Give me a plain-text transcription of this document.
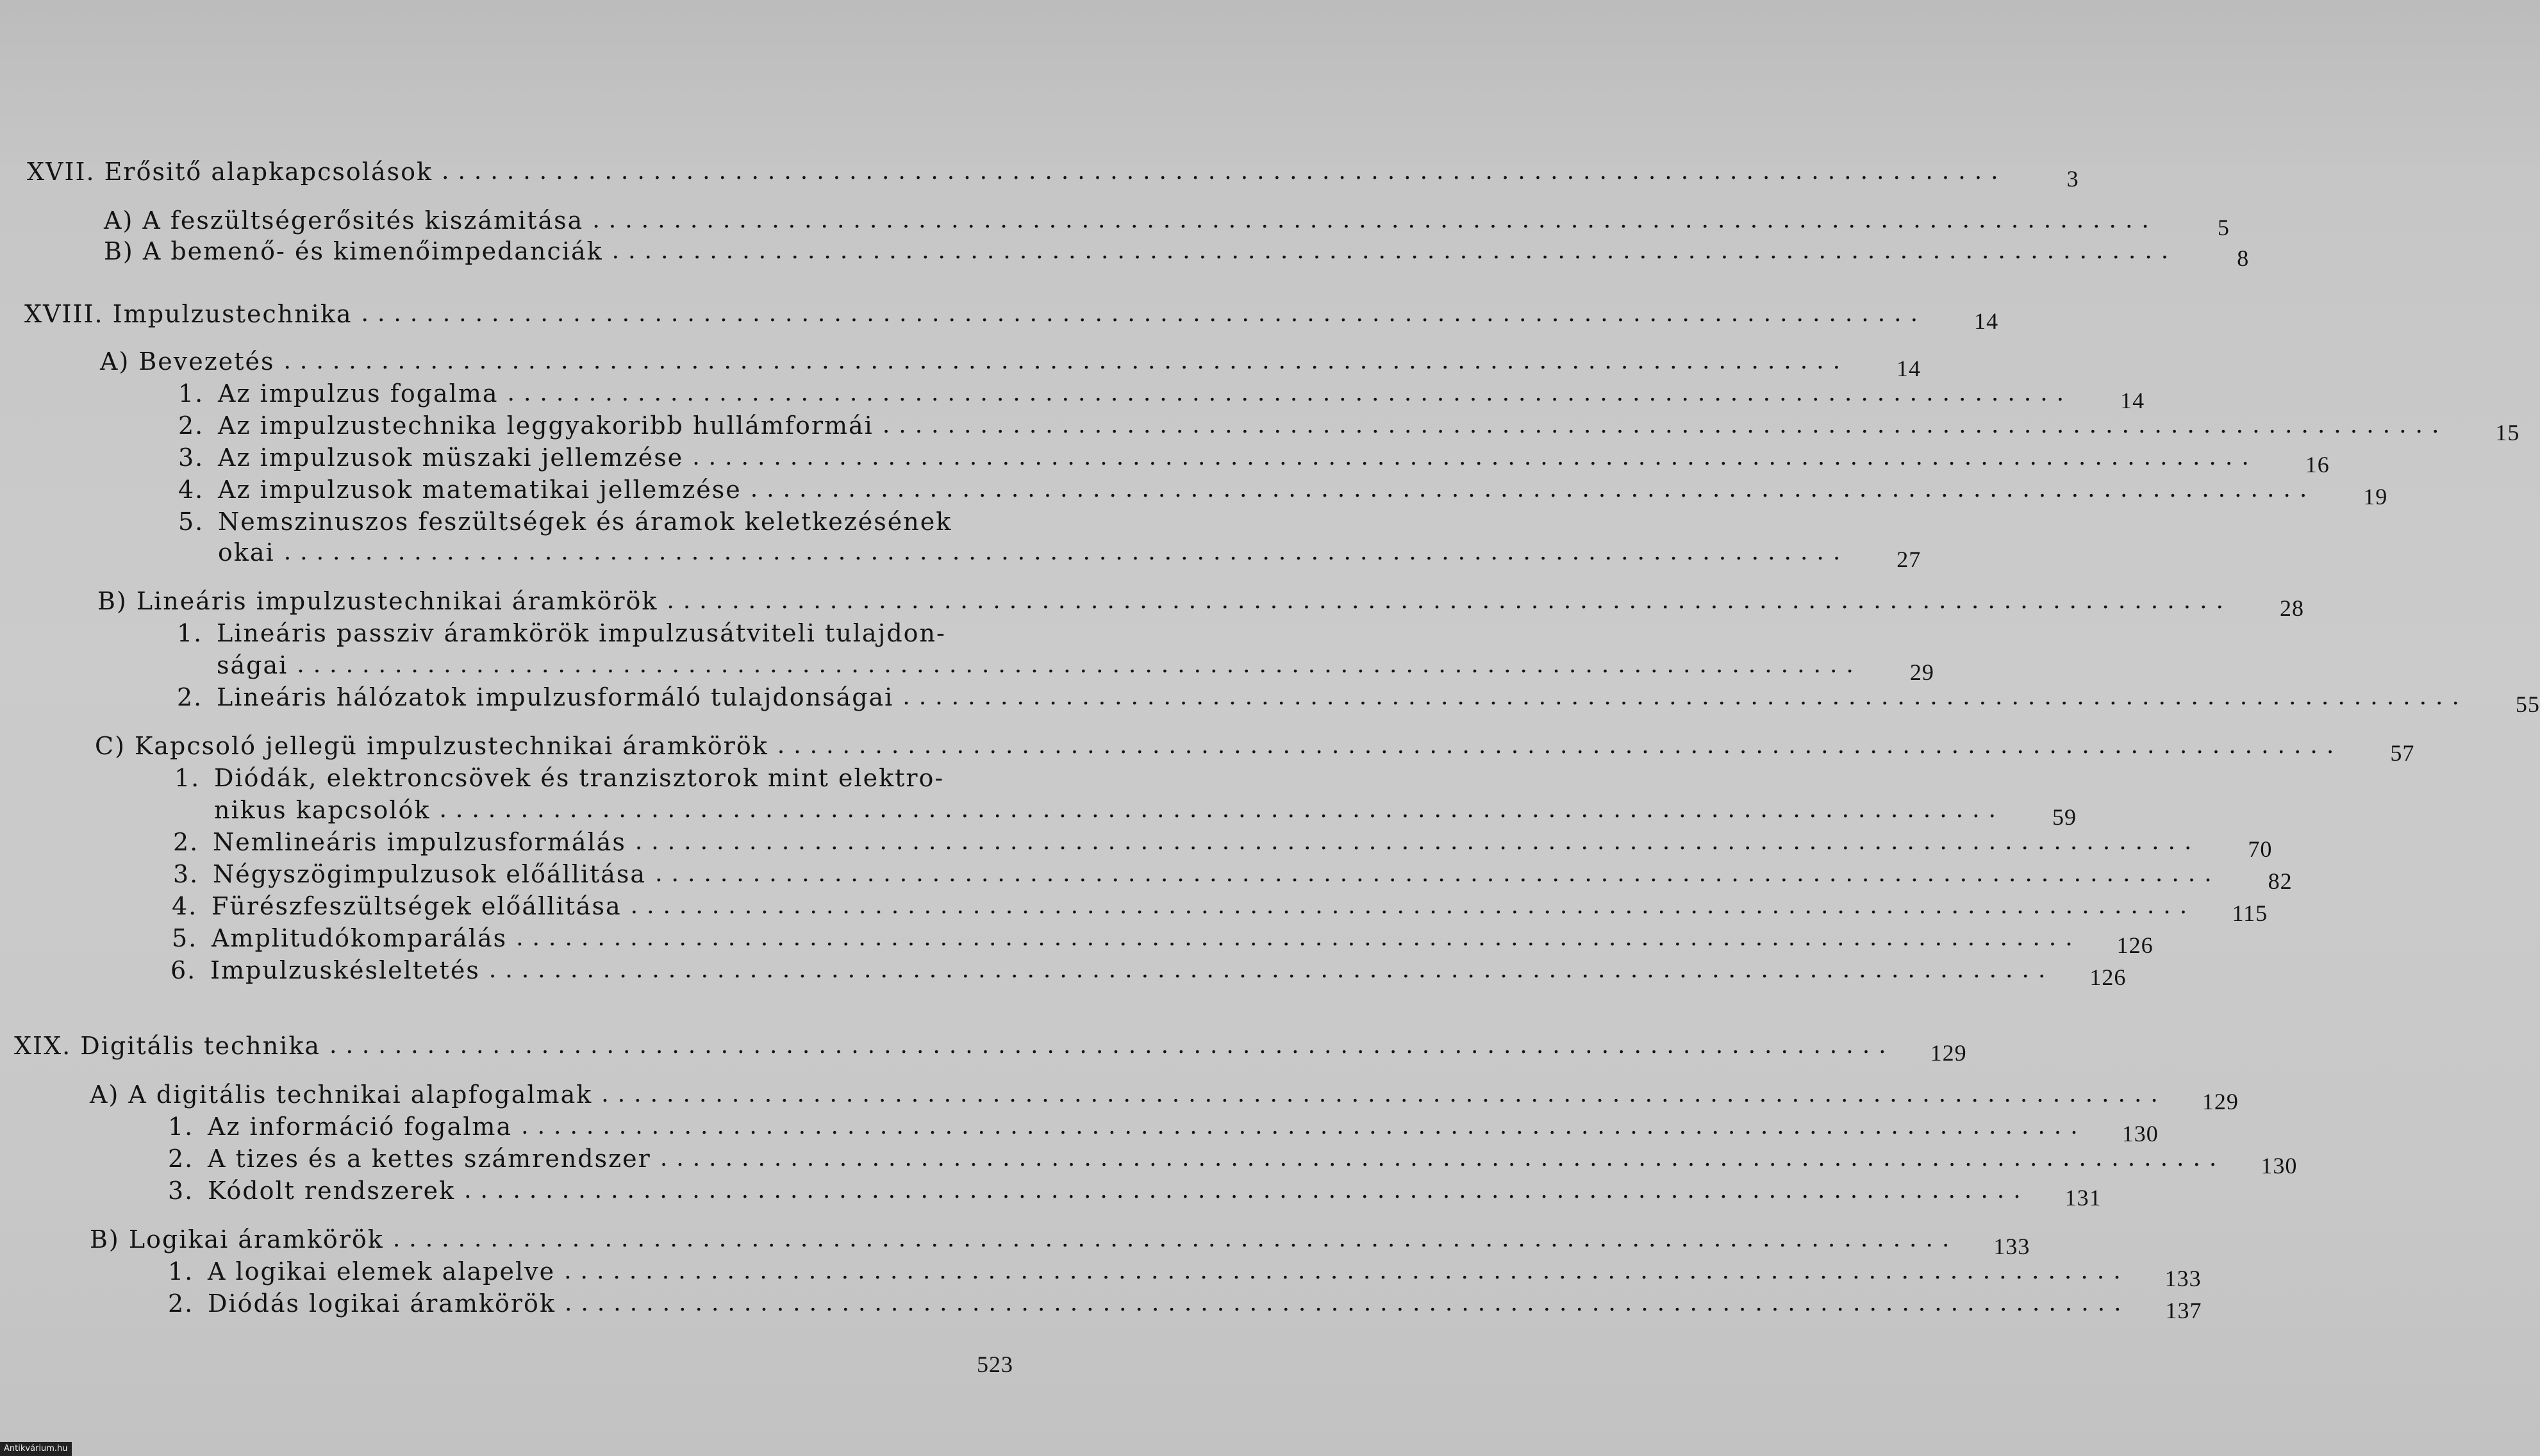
XVII. Erősitő alapkapcsolások ................................................................................................	3
A) A feszültségerősités kiszámitása ................................................................................................	5
B) A bemenő- és kimenőimpedanciák ................................................................................................	8
XVIII. Impulzustechnika ................................................................................................	14
A) Bevezetés ................................................................................................	14
1. Az impulzus fogalma ................................................................................................	14
2. Az impulzustechnika leggyakoribb hullámformái ................................................................................................	15
3. Az impulzusok müszaki jellemzése ................................................................................................	16
4. Az impulzusok matematikai jellemzése ................................................................................................	19
5. Nemszinuszos feszültségek és áramok keletkezésének
okai ................................................................................................	27
B) Lineáris impulzustechnikai áramkörök ................................................................................................	28
1. Lineáris passziv áramkörök impulzusátviteli tulajdon-
ságai ................................................................................................	29
2. Lineáris hálózatok impulzusformáló tulajdonságai ................................................................................................	55
C) Kapcsoló jellegü impulzustechnikai áramkörök ................................................................................................	57
1. Diódák, elektroncsövek és tranzisztorok mint elektro-
nikus kapcsolók ................................................................................................	59
2. Nemlineáris impulzusformálás ................................................................................................	70
3. Négyszögimpulzusok előállitása ................................................................................................	82
4. Fürészfeszültségek előállitása ................................................................................................	115
5. Amplitudókomparálás ................................................................................................	126
6. Impulzuskésleltetés ................................................................................................	126
XIX. Digitális technika ................................................................................................	129
A) A digitális technikai alapfogalmak ................................................................................................	129
1. Az információ fogalma ................................................................................................	130
2. A tizes és a kettes számrendszer ................................................................................................	130
3. Kódolt rendszerek ................................................................................................	131
B) Logikai áramkörök ................................................................................................	133
1. A logikai elemek alapelve ................................................................................................	133
2. Diódás logikai áramkörök ................................................................................................	137
523
Antikvárium.hu
